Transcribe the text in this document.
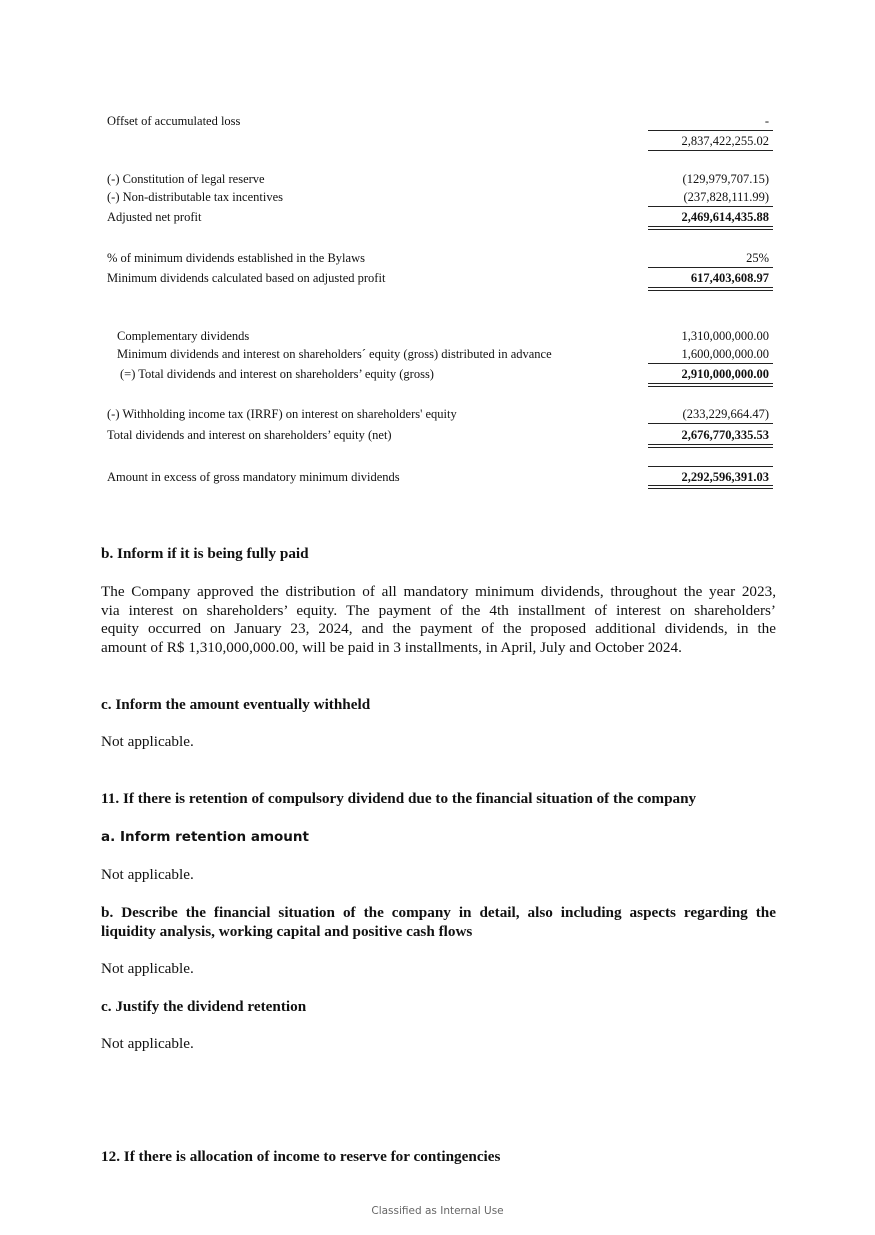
Offset of accumulated loss	-
2,837,422,255.02
(-) Constitution of legal reserve	(129,979,707.15)
(-) Non-distributable tax incentives	(237,828,111.99)
Adjusted net profit	2,469,614,435.88
% of minimum dividends established in the Bylaws	25%
Minimum dividends calculated based on adjusted profit	617,403,608.97
Complementary dividends	1,310,000,000.00
Minimum dividends and interest on shareholders´ equity (gross) distributed in advance	1,600,000,000.00
(=) Total dividends and interest on shareholders’ equity (gross)	2,910,000,000.00
(-) Withholding income tax (IRRF) on interest on shareholders' equity	(233,229,664.47)
Total dividends and interest on shareholders’ equity (net)	2,676,770,335.53
Amount in excess of gross mandatory minimum dividends	2,292,596,391.03
b. Inform if it is being fully paid
The Company approved the distribution of all mandatory minimum dividends, throughout the year 2023,
via interest on shareholders’ equity. The payment of the 4th installment of interest on shareholders’
equity occurred on January 23, 2024, and the payment of the proposed additional dividends, in the
amount of R$ 1,310,000,000.00, will be paid in 3 installments, in April, July and October 2024.
c. Inform the amount eventually withheld
Not applicable.
11. If there is retention of compulsory dividend due to the financial situation of the company
a. Inform retention amount
Not applicable.
b. Describe the financial situation of the company in detail, also including aspects regarding the
liquidity analysis, working capital and positive cash flows
Not applicable.
c. Justify the dividend retention
Not applicable.
12. If there is allocation of income to reserve for contingencies
Classified as Internal Use
